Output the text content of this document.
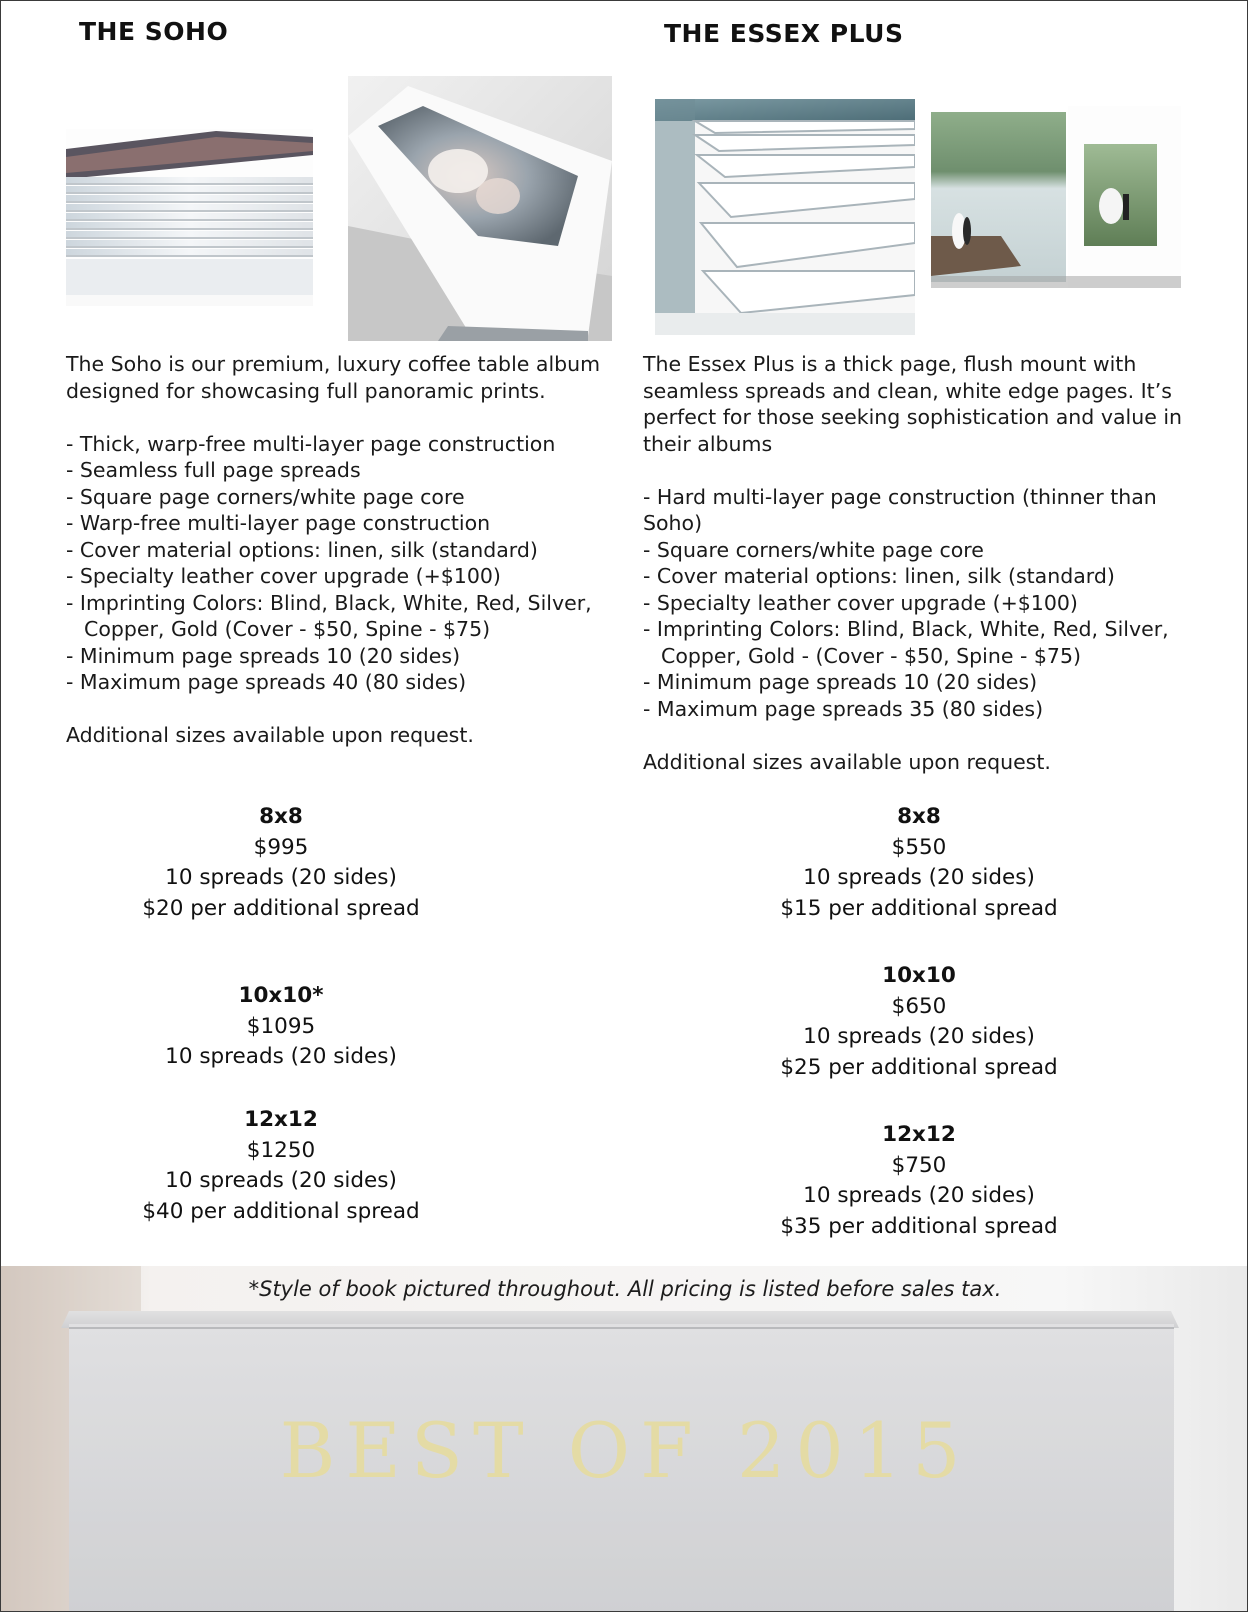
THE SOHO

The Soho is our premium, luxury coffee table album designed for showcasing full panoramic prints.

- Thick, warp-free multi-layer page construction
- Seamless full page spreads
- Square page corners/white page core
- Warp-free multi-layer page construction
- Cover material options: linen, silk (standard)
- Specialty leather cover upgrade (+$100)
- Imprinting Colors: Blind, Black, White, Red, Silver, Copper, Gold (Cover - $50, Spine - $75)
- Minimum page spreads 10 (20 sides)
- Maximum page spreads 40 (80 sides)

Additional sizes available upon request.

8x8
$995
10 spreads (20 sides)
$20 per additional spread
10x10*
$1095
10 spreads (20 sides)
12x12
$1250
10 spreads (20 sides)
$40 per additional spread
THE ESSEX PLUS

The Essex Plus is a thick page, flush mount with seamless spreads and clean, white edge pages. It’s perfect for those seeking sophistication and value in their albums

- Hard multi-layer page construction (thinner than Soho)
- Square corners/white page core
- Cover material options: linen, silk (standard)
- Specialty leather cover upgrade (+$100)
- Imprinting Colors: Blind, Black, White, Red, Silver, Copper, Gold - (Cover - $50, Spine - $75)
- Minimum page spreads 10 (20 sides)
- Maximum page spreads 35 (80 sides)

Additional sizes available upon request.

8x8
$550
10 spreads (20 sides)
$15 per additional spread
10x10
$650
10 spreads (20 sides)
$25 per additional spread
12x12
$750
10 spreads (20 sides)
$35 per additional spread
*Style of book pictured throughout. All pricing is listed before sales tax.
BEST OF 2015
